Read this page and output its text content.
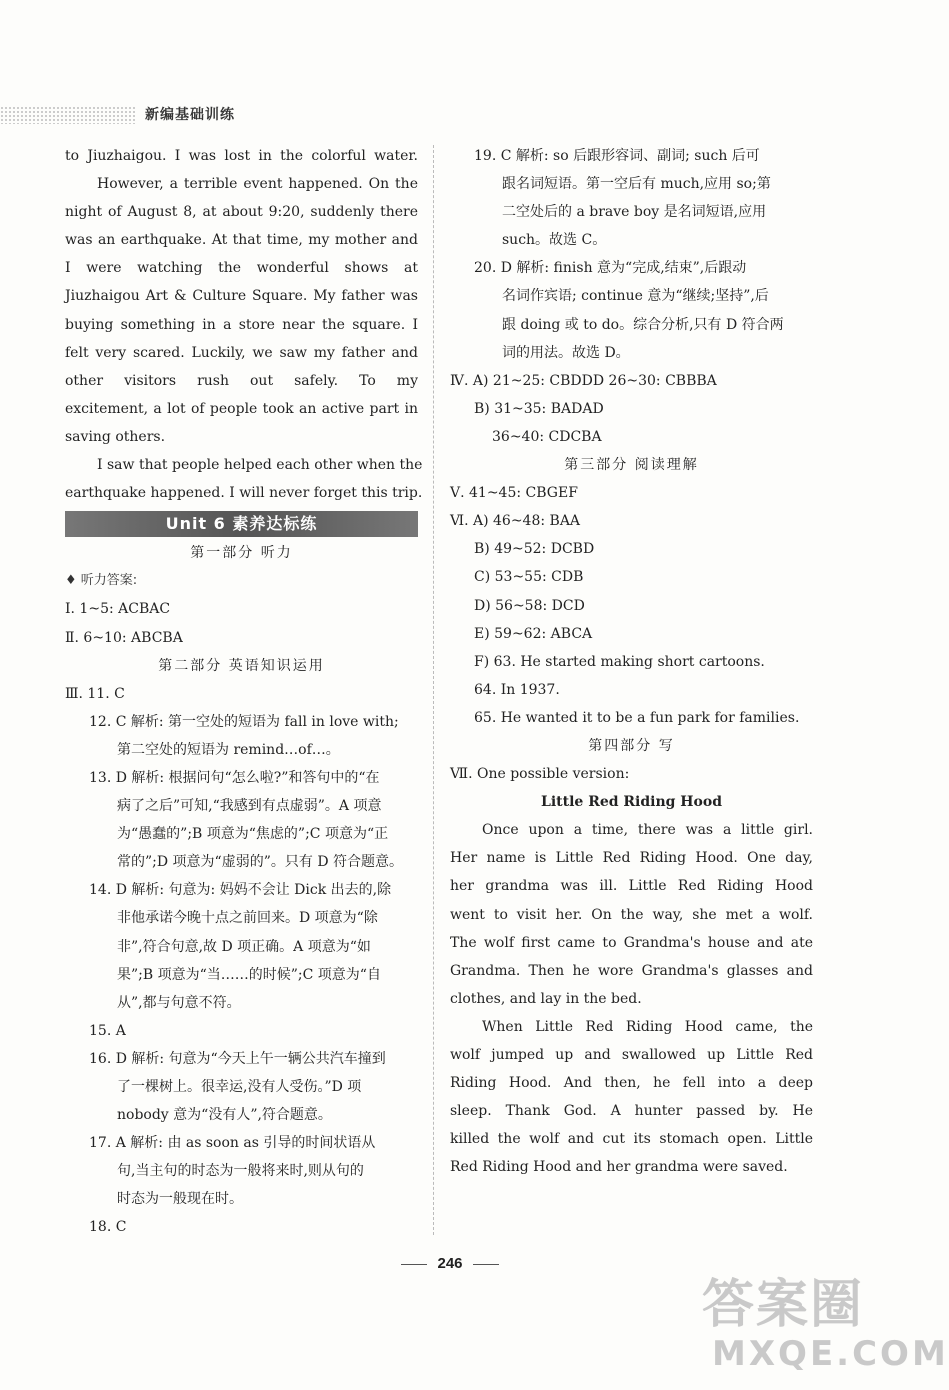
新编基础训练
to Jiuzhaigou. I was lost in the colorful water.
However, a terrible event happened. On the
night of August 8, at about 9:20, suddenly there
was an earthquake. At that time, my mother and
I were watching the wonderful shows at
Jiuzhaigou Art & Culture Square. My father was
buying something in a store near the square. I
felt very scared. Luckily, we saw my father and
other visitors rush out safely. To my
excitement, a lot of people took an active part in
saving others.
I saw that people helped each other when the
earthquake happened. I will never forget this trip.
Unit 6 素养达标练
第一部分 听力
♦ 听力答案:
Ⅰ. 1~5: ACBAC
Ⅱ. 6~10: ABCBA
第二部分 英语知识运用
Ⅲ. 11. C
12. C 解析: 第一空处的短语为 fall in love with;
第二空处的短语为 remind…of…。
13. D 解析: 根据问句“怎么啦?”和答句中的“在
病了之后”可知,“我感到有点虚弱”。A 项意
为“愚蠢的”;B 项意为“焦虑的”;C 项意为“正
常的”;D 项意为“虚弱的”。只有 D 符合题意。
14. D 解析: 句意为: 妈妈不会让 Dick 出去的,除
非他承诺今晚十点之前回来。D 项意为“除
非”,符合句意,故 D 项正确。A 项意为“如
果”;B 项意为“当……的时候”;C 项意为“自
从”,都与句意不符。
15. A
16. D 解析: 句意为“今天上午一辆公共汽车撞到
了一棵树上。很幸运,没有人受伤。”D 项
nobody 意为“没有人”,符合题意。
17. A 解析: 由 as soon as 引导的时间状语从
句,当主句的时态为一般将来时,则从句的
时态为一般现在时。
18. C
19. C 解析: so 后跟形容词、副词; such 后可
跟名词短语。第一空后有 much,应用 so;第
二空处后的 a brave boy 是名词短语,应用
such。故选 C。
20. D 解析: finish 意为“完成,结束”,后跟动
名词作宾语; continue 意为“继续;坚持”,后
跟 doing 或 to do。综合分析,只有 D 符合两
词的用法。故选 D。
Ⅳ. A) 21~25: CBDDD 26~30: CBBBA
B) 31~35: BADAD
36~40: CDCBA
第三部分 阅读理解
Ⅴ. 41~45: CBGEF
Ⅵ. A) 46~48: BAA
B) 49~52: DCBD
C) 53~55: CDB
D) 56~58: DCD
E) 59~62: ABCA
F) 63. He started making short cartoons.
64. In 1937.
65. He wanted it to be a fun park for families.
第四部分 写
Ⅶ. One possible version:
Little Red Riding Hood
Once upon a time, there was a little girl.
Her name is Little Red Riding Hood. One day,
her grandma was ill. Little Red Riding Hood
went to visit her. On the way, she met a wolf.
The wolf first came to Grandma's house and ate
Grandma. Then he wore Grandma's glasses and
clothes, and lay in the bed.
When Little Red Riding Hood came, the
wolf jumped up and swallowed up Little Red
Riding Hood. And then, he fell into a deep
sleep. Thank God. A hunter passed by. He
killed the wolf and cut its stomach open. Little
Red Riding Hood and her grandma were saved.
246
答案圈
MXQE.COM
